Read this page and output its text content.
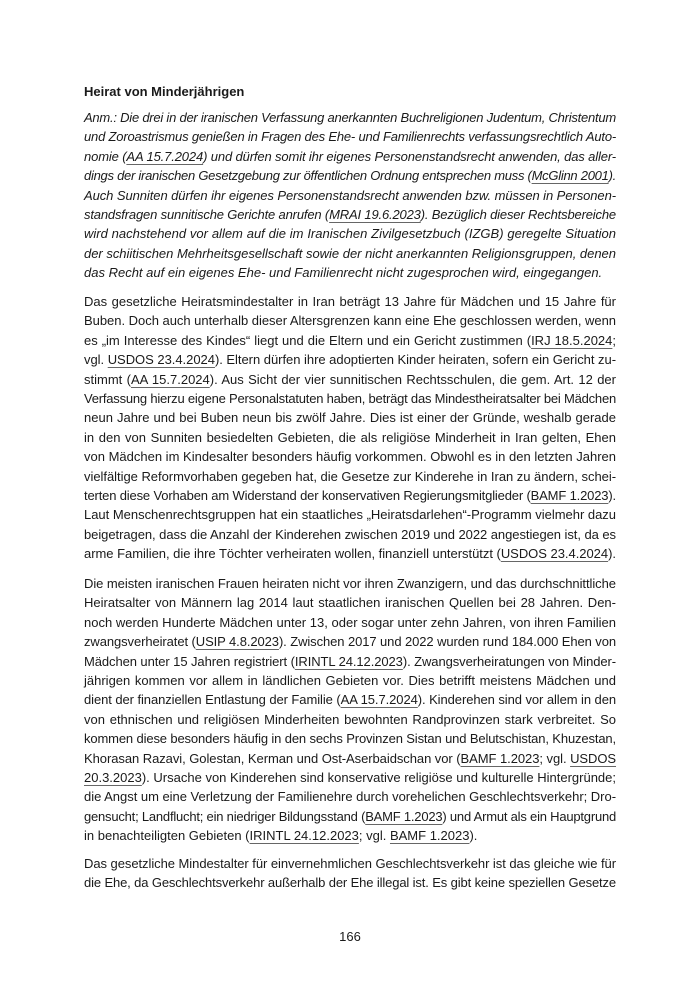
Heirat von Minderjährigen
Anm.: Die drei in der iranischen Verfassung anerkannten Buchreligionen Judentum, Christentum
und Zoroastrismus genießen in Fragen des Ehe- und Familienrechts verfassungsrechtlich Auto-
nomie (AA 15.7.2024) und dürfen somit ihr eigenes Personenstandsrecht anwenden, das aller-
dings der iranischen Gesetzgebung zur öffentlichen Ordnung entsprechen muss (McGlinn 2001).
Auch Sunniten dürfen ihr eigenes Personenstandsrecht anwenden bzw. müssen in Personen-
standsfragen sunnitische Gerichte anrufen (MRAI 19.6.2023). Bezüglich dieser Rechtsbereiche
wird nachstehend vor allem auf die im Iranischen Zivilgesetzbuch (IZGB) geregelte Situation
der schiitischen Mehrheitsgesellschaft sowie der nicht anerkannten Religionsgruppen, denen
das Recht auf ein eigenes Ehe- und Familienrecht nicht zugesprochen wird, eingegangen.
Das gesetzliche Heiratsmindestalter in Iran beträgt 13 Jahre für Mädchen und 15 Jahre für
Buben. Doch auch unterhalb dieser Altersgrenzen kann eine Ehe geschlossen werden, wenn
es „im Interesse des Kindes“ liegt und die Eltern und ein Gericht zustimmen (IRJ 18.5.2024;
vgl. USDOS 23.4.2024). Eltern dürfen ihre adoptierten Kinder heiraten, sofern ein Gericht zu-
stimmt (AA 15.7.2024). Aus Sicht der vier sunnitischen Rechtsschulen, die gem. Art. 12 der
Verfassung hierzu eigene Personalstatuten haben, beträgt das Mindestheiratsalter bei Mädchen
neun Jahre und bei Buben neun bis zwölf Jahre. Dies ist einer der Gründe, weshalb gerade
in den von Sunniten besiedelten Gebieten, die als religiöse Minderheit in Iran gelten, Ehen
von Mädchen im Kindesalter besonders häufig vorkommen. Obwohl es in den letzten Jahren
vielfältige Reformvorhaben gegeben hat, die Gesetze zur Kinderehe in Iran zu ändern, schei-
terten diese Vorhaben am Widerstand der konservativen Regierungsmitglieder (BAMF 1.2023).
Laut Menschenrechtsgruppen hat ein staatliches „Heiratsdarlehen“-Programm vielmehr dazu
beigetragen, dass die Anzahl der Kinderehen zwischen 2019 und 2022 angestiegen ist, da es
arme Familien, die ihre Töchter verheiraten wollen, finanziell unterstützt (USDOS 23.4.2024).
Die meisten iranischen Frauen heiraten nicht vor ihren Zwanzigern, und das durchschnittliche
Heiratsalter von Männern lag 2014 laut staatlichen iranischen Quellen bei 28 Jahren. Den-
noch werden Hunderte Mädchen unter 13, oder sogar unter zehn Jahren, von ihren Familien
zwangsverheiratet (USIP 4.8.2023). Zwischen 2017 und 2022 wurden rund 184.000 Ehen von
Mädchen unter 15 Jahren registriert (IRINTL 24.12.2023). Zwangsverheiratungen von Minder-
jährigen kommen vor allem in ländlichen Gebieten vor. Dies betrifft meistens Mädchen und
dient der finanziellen Entlastung der Familie (AA 15.7.2024). Kinderehen sind vor allem in den
von ethnischen und religiösen Minderheiten bewohnten Randprovinzen stark verbreitet. So
kommen diese besonders häufig in den sechs Provinzen Sistan und Belutschistan, Khuzestan,
Khorasan Razavi, Golestan, Kerman und Ost-Aserbaidschan vor (BAMF 1.2023; vgl. USDOS
20.3.2023). Ursache von Kinderehen sind konservative religiöse und kulturelle Hintergründe;
die Angst um eine Verletzung der Familienehre durch vorehelichen Geschlechtsverkehr; Dro-
gensucht; Landflucht; ein niedriger Bildungsstand (BAMF 1.2023) und Armut als ein Hauptgrund
in benachteiligten Gebieten (IRINTL 24.12.2023; vgl. BAMF 1.2023).
Das gesetzliche Mindestalter für einvernehmlichen Geschlechtsverkehr ist das gleiche wie für
die Ehe, da Geschlechtsverkehr außerhalb der Ehe illegal ist. Es gibt keine speziellen Gesetze
166
